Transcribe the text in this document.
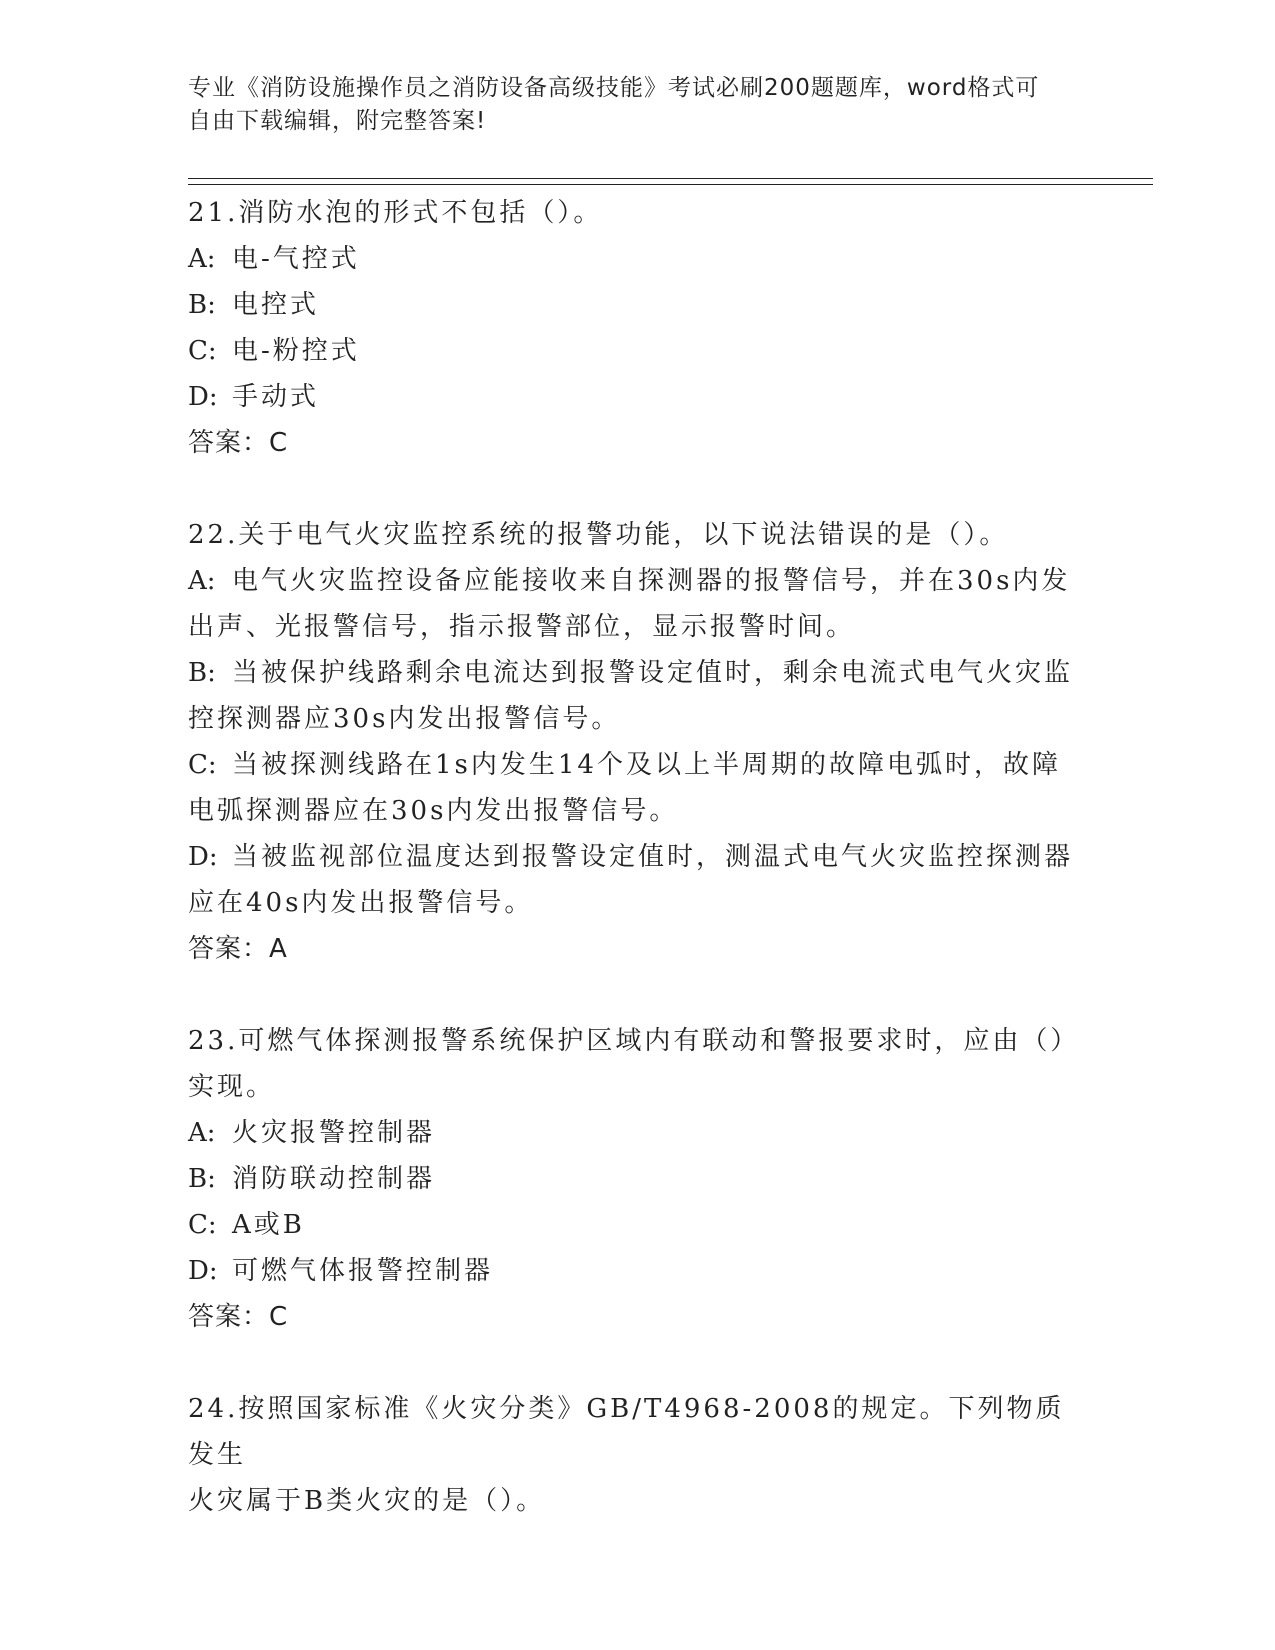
专业《消防设施操作员之消防设备高级技能》考试必刷200题题库，word格式可
自由下载编辑，附完整答案!
21.消防水泡的形式不包括（）。
A: 电-气控式
B: 电控式
C: 电-粉控式
D: 手动式
答案：C
22.关于电气火灾监控系统的报警功能，以下说法错误的是（）。
A: 电气火灾监控设备应能接收来自探测器的报警信号，并在30s内发
出声、光报警信号，指示报警部位，显示报警时间。
B: 当被保护线路剩余电流达到报警设定值时，剩余电流式电气火灾监
控探测器应30s内发出报警信号。
C: 当被探测线路在1s内发生14个及以上半周期的故障电弧时，故障
电弧探测器应在30s内发出报警信号。
D: 当被监视部位温度达到报警设定值时，测温式电气火灾监控探测器
应在40s内发出报警信号。
答案：A
23.可燃气体探测报警系统保护区域内有联动和警报要求时，应由（）
实现。
A: 火灾报警控制器
B: 消防联动控制器
C: A或B
D: 可燃气体报警控制器
答案：C
24.按照国家标准《火灾分类》GB/T4968-2008的规定。下列物质发生
火灾属于B类火灾的是（）。
